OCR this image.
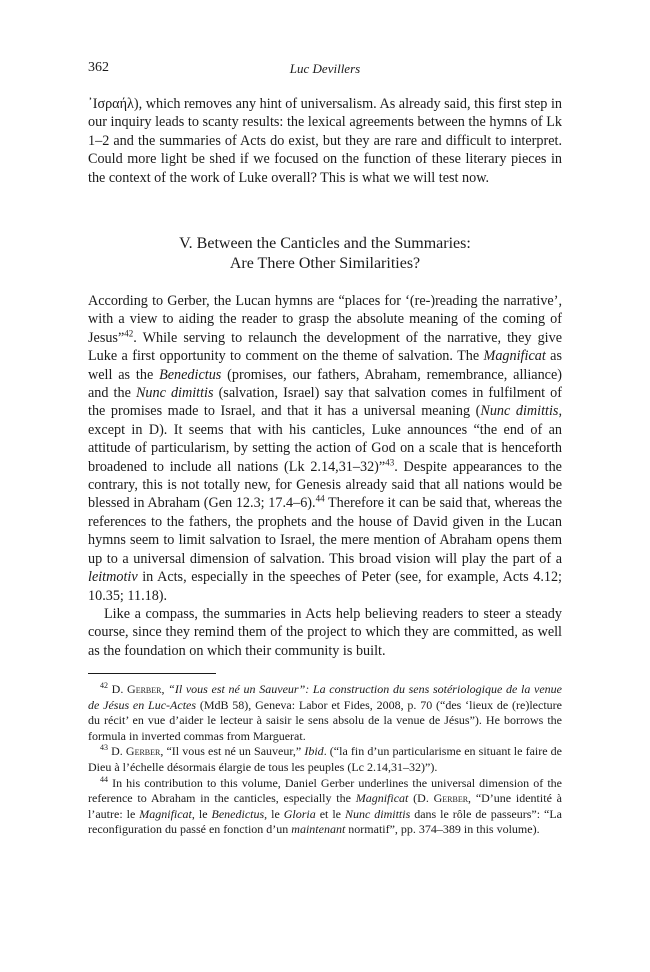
362	Luc Devillers

᾿Ισραήλ), which removes any hint of universalism. As already said, this first step in our inquiry leads to scanty results: the lexical agreements between the hymns of Lk 1–2 and the summaries of Acts do exist, but they are rare and difficult to interpret. Could more light be shed if we focused on the function of these literary pieces in the context of the work of Luke overall? This is what we will test now.

V. Between the Canticles and the Summaries:
Are There Other Similarities?

According to Gerber, the Lucan hymns are “places for ‘(re-)reading the narrative’, with a view to aiding the reader to grasp the absolute meaning of the coming of Jesus”$^{42}$. While serving to relaunch the development of the narrative, they give Luke a first opportunity to comment on the theme of salvation. The Magnificat as well as the Benedictus (promises, our fathers, Abraham, remembrance, alliance) and the Nunc dimittis (salvation, Israel) say that salvation comes in fulfilment of the promises made to Israel, and that it has a universal meaning (Nunc dimittis, except in D). It seems that with his canticles, Luke announces “the end of an attitude of particularism, by setting the action of God on a scale that is henceforth broadened to include all nations (Lk 2.14,31–32)”$^{43}$. Despite appearances to the contrary, this is not totally new, for Genesis already said that all nations would be blessed in Abraham (Gen 12.3; 17.4–6).$^{44}$ Therefore it can be said that, whereas the references to the fathers, the prophets and the house of David given in the Lucan hymns seem to limit salvation to Israel, the mere mention of Abraham opens them up to a universal dimension of salvation. This broad vision will play the part of a leitmotiv in Acts, especially in the speeches of Peter (see, for example, Acts 4.12; 10.35; 11.18).

Like a compass, the summaries in Acts help believing readers to steer a steady course, since they remind them of the project to which they are committed, as well as the foundation on which their community is built.

$^{42}$ D. Gerber, “Il vous est né un Sauveur”: La construction du sens sotériologique de la venue de Jésus en Luc-Actes (MdB 58), Geneva: Labor et Fides, 2008, p. 70 (“des ‘lieux de (re)lecture du récit’ en vue d’aider le lecteur à saisir le sens absolu de la venue de Jésus”). He borrows the formula in inverted commas from Marguerat.

$^{43}$ D. Gerber, “Il vous est né un Sauveur,” Ibid. (“la fin d’un particularisme en situant le faire de Dieu à l’échelle désormais élargie de tous les peuples (Lc 2.14,31–32)”).

$^{44}$ In his contribution to this volume, Daniel Gerber underlines the universal dimension of the reference to Abraham in the canticles, especially the Magnificat (D. Gerber, “D’une identité à l’autre: le Magnificat, le Benedictus, le Gloria et le Nunc dimittis dans le rôle de passeurs”: “La reconfiguration du passé en fonction d’un maintenant normatif”, pp. 374–389 in this volume).
